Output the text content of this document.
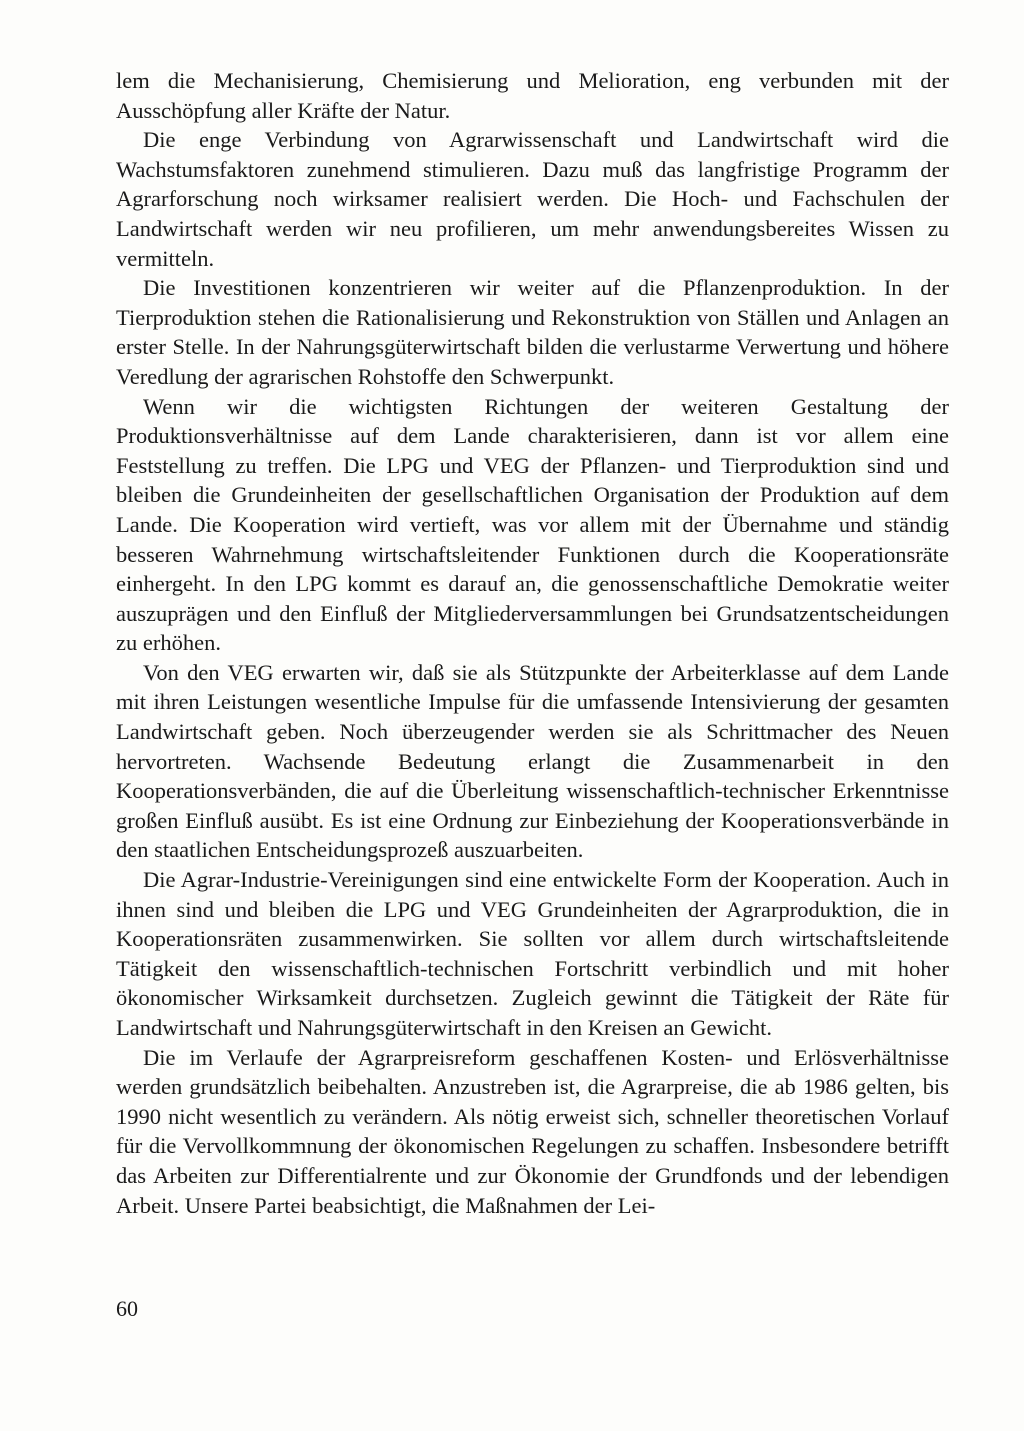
lem die Mechanisierung, Chemisierung und Melioration, eng verbunden mit der Ausschöpfung aller Kräfte der Natur.

Die enge Verbindung von Agrarwissenschaft und Landwirtschaft wird die Wachstumsfaktoren zunehmend stimulieren. Dazu muß das langfristige Programm der Agrarforschung noch wirksamer realisiert werden. Die Hoch- und Fachschulen der Landwirtschaft werden wir neu profilieren, um mehr anwendungsbereites Wissen zu vermitteln.

Die Investitionen konzentrieren wir weiter auf die Pflanzenproduktion. In der Tierproduktion stehen die Rationalisierung und Rekonstruktion von Ställen und Anlagen an erster Stelle. In der Nahrungsgüterwirtschaft bilden die verlustarme Verwertung und höhere Veredlung der agrarischen Rohstoffe den Schwerpunkt.

Wenn wir die wichtigsten Richtungen der weiteren Gestaltung der Produktionsverhältnisse auf dem Lande charakterisieren, dann ist vor allem eine Feststellung zu treffen. Die LPG und VEG der Pflanzen- und Tierproduktion sind und bleiben die Grundeinheiten der gesellschaftlichen Organisation der Produktion auf dem Lande. Die Kooperation wird vertieft, was vor allem mit der Übernahme und ständig besseren Wahrnehmung wirtschaftsleitender Funktionen durch die Kooperationsräte einhergeht. In den LPG kommt es darauf an, die genossenschaftliche Demokratie weiter auszuprägen und den Einfluß der Mitgliederversammlungen bei Grundsatzentscheidungen zu erhöhen.

Von den VEG erwarten wir, daß sie als Stützpunkte der Arbeiterklasse auf dem Lande mit ihren Leistungen wesentliche Impulse für die umfassende Intensivierung der gesamten Landwirtschaft geben. Noch überzeugender werden sie als Schrittmacher des Neuen hervortreten. Wachsende Bedeutung erlangt die Zusammenarbeit in den Kooperationsverbänden, die auf die Überleitung wissenschaftlich-technischer Erkenntnisse großen Einfluß ausübt. Es ist eine Ordnung zur Einbeziehung der Kooperationsverbände in den staatlichen Entscheidungsprozeß auszuarbeiten.

Die Agrar-Industrie-Vereinigungen sind eine entwickelte Form der Kooperation. Auch in ihnen sind und bleiben die LPG und VEG Grundeinheiten der Agrarproduktion, die in Kooperationsräten zusammenwirken. Sie sollten vor allem durch wirtschaftsleitende Tätigkeit den wissenschaftlich-technischen Fortschritt verbindlich und mit hoher ökonomischer Wirksamkeit durchsetzen. Zugleich gewinnt die Tätigkeit der Räte für Landwirtschaft und Nahrungsgüterwirtschaft in den Kreisen an Gewicht.

Die im Verlaufe der Agrarpreisreform geschaffenen Kosten- und Erlösverhältnisse werden grundsätzlich beibehalten. Anzustreben ist, die Agrarpreise, die ab 1986 gelten, bis 1990 nicht wesentlich zu verändern. Als nötig erweist sich, schneller theoretischen Vorlauf für die Vervollkommnung der ökonomischen Regelungen zu schaffen. Insbesondere betrifft das Arbeiten zur Differentialrente und zur Ökonomie der Grundfonds und der lebendigen Arbeit. Unsere Partei beabsichtigt, die Maßnahmen der Lei-

60
